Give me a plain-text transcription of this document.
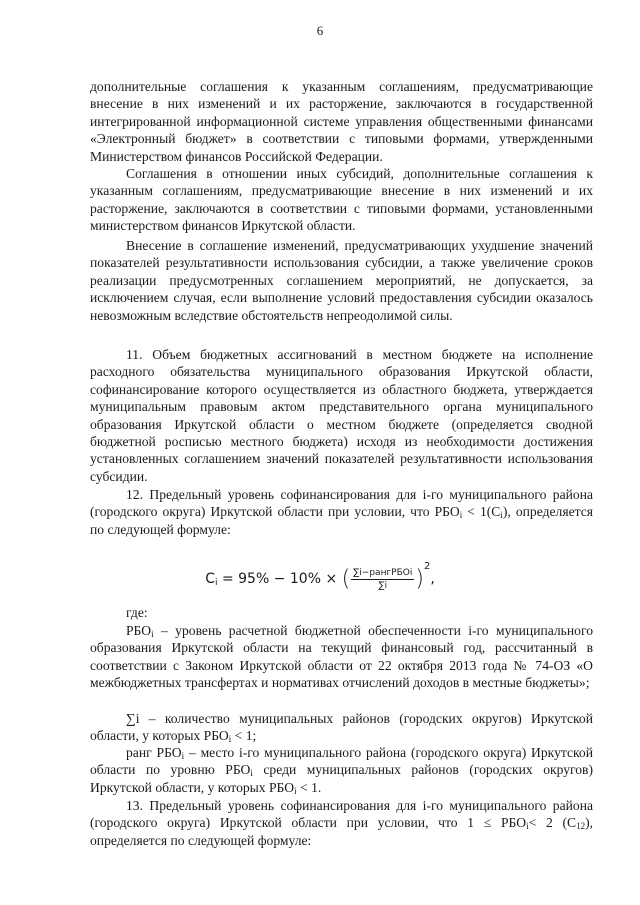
6

дополнительные соглашения к указанным соглашениям, предусматривающие внесение в них изменений и их расторжение, заключаются в государственной интегрированной информационной системе управления общественными финансами «Электронный бюджет» в соответствии с типовыми формами, утвержденными Министерством финансов Российской Федерации.

Соглашения в отношении иных субсидий, дополнительные соглашения к указанным соглашениям, предусматривающие внесение в них изменений и их расторжение, заключаются в соответствии с типовыми формами, установленными министерством финансов Иркутской области.

Внесение в соглашение изменений, предусматривающих ухудшение значений показателей результативности использования субсидии, а также увеличение сроков реализации предусмотренных соглашением мероприятий, не допускается, за исключением случая, если выполнение условий предоставления субсидии оказалось невозможным вследствие обстоятельств непреодолимой силы.

11. Объем бюджетных ассигнований в местном бюджете на исполнение расходного обязательства муниципального образования Иркутской области, софинансирование которого осуществляется из областного бюджета, утверждается муниципальным правовым актом представительного органа муниципального образования Иркутской области о местном бюджете (определяется сводной бюджетной росписью местного бюджета) исходя из необходимости достижения установленных соглашением значений показателей результативности использования субсидии.

12. Предельный уровень софинансирования для i-го муниципального района (городского округа) Иркутской области при условии, что $РБО_i < 1(С_i)$, определяется по следующей формуле:

$C_i = 95\% - 10\%$ × ( $\frac{\text{∑i−рангРБОi}}{\sum i} )^2$,

где:

$РБО_i$ – уровень расчетной бюджетной обеспеченности i-го муниципального образования Иркутской области на текущий финансовый год, рассчитанный в соответствии с Законом Иркутской области от 22 октября 2013 года № 74-ОЗ «О межбюджетных трансфертах и нормативах отчислений доходов в местные бюджеты»;

∑i – количество муниципальных районов (городских округов) Иркутской области, у которых $РБО_i < 1$;

ранг $РБО_i$ – место i-го муниципального района (городского округа) Иркутской области по уровню $РБО_i$ среди муниципальных районов (городских округов) Иркутской области, у которых $РБО_i < 1$.

13. Предельный уровень софинансирования для i-го муниципального района (городского округа) Иркутской области при условии, что $1 \le РБО_i< 2$ $(С_{12})$, определяется по следующей формуле:
